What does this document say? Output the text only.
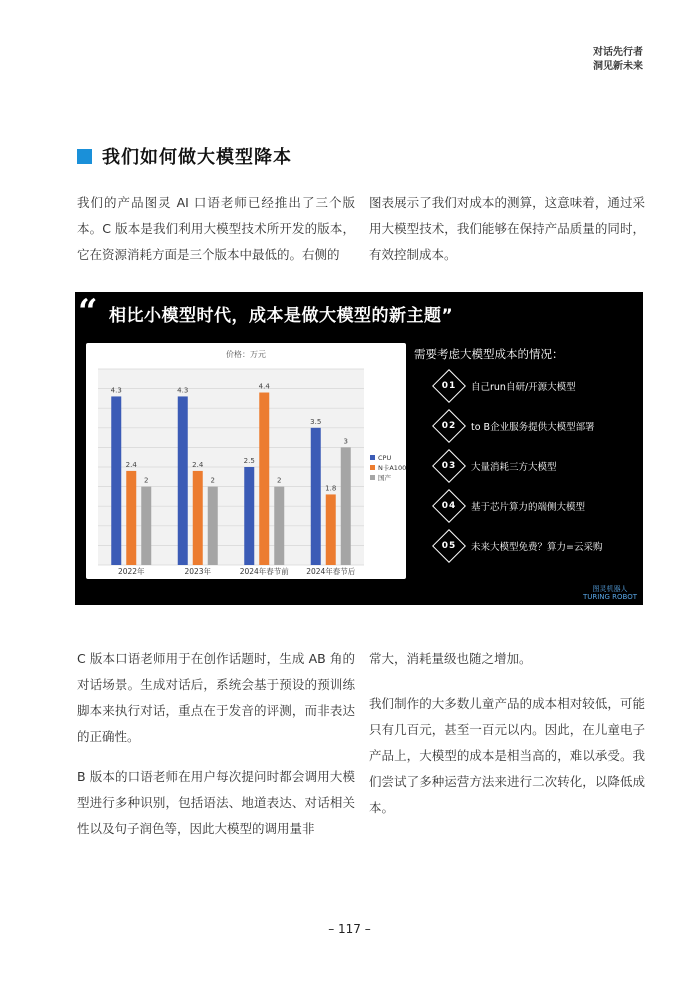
对话先行者
洞见新未来
我们如何做大模型降本

我们的产品图灵 AI 口语老师已经推出了三个版本。C 版本是我们利用大模型技术所开发的版本，它在资源消耗方面是三个版本中最低的。右侧的

图表展示了我们对成本的测算，这意味着，通过采用大模型技术，我们能够在保持产品质量的同时，有效控制成本。

“ 相比小模型时代，成本是做大模型的新主题”
价格：万元
4.3
2.4
2
2022年
4.3
2.4
2
2023年
2.5
4.4
2
2024年春节前
3.5
1.8
3
2024年春节后
CPU
N卡A100
国产
需要考虑大模型成本的情况：
01	自己run自研/开源大模型
02	to B企业服务提供大模型部署
03	大量消耗三方大模型
04	基于芯片算力的端侧大模型
05	未来大模型免费？算力=云采购
图灵机器人
TURING ROBOT

C 版本口语老师用于在创作话题时，生成 AB 角的对话场景。生成对话后，系统会基于预设的预训练脚本来执行对话，重点在于发音的评测，而非表达的正确性。

B 版本的口语老师在用户每次提问时都会调用大模型进行多种识别，包括语法、地道表达、对话相关性以及句子润色等，因此大模型的调用量非

常大，消耗量级也随之增加。

我们制作的大多数儿童产品的成本相对较低，可能只有几百元，甚至一百元以内。因此，在儿童电子产品上，大模型的成本是相当高的，难以承受。我们尝试了多种运营方法来进行二次转化，以降低成本。

– 117 –
